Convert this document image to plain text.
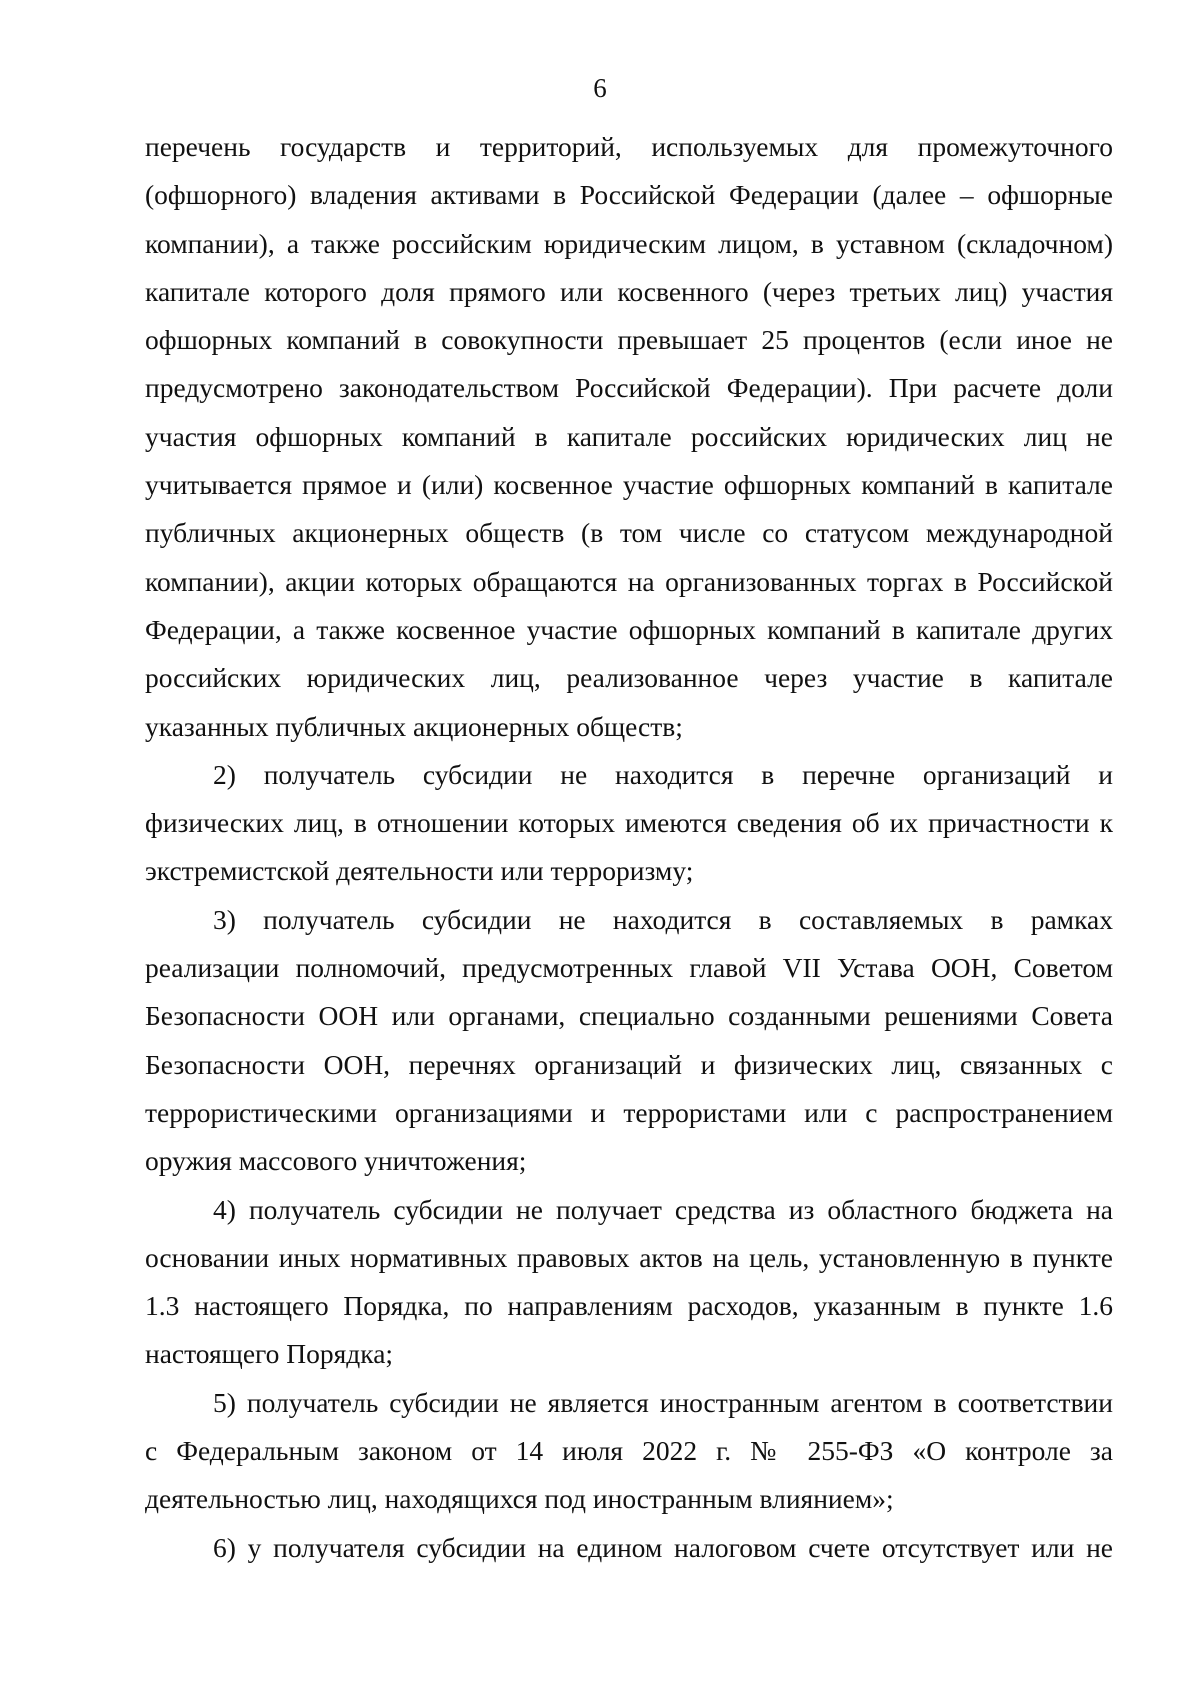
6
перечень государств и территорий, используемых для промежуточного
(офшорного) владения активами в Российской Федерации (далее – офшорные
компании), а также российским юридическим лицом, в уставном (складочном)
капитале которого доля прямого или косвенного (через третьих лиц) участия
офшорных компаний в совокупности превышает 25 процентов (если иное не
предусмотрено законодательством Российской Федерации). При расчете доли
участия офшорных компаний в капитале российских юридических лиц не
учитывается прямое и (или) косвенное участие офшорных компаний в капитале
публичных акционерных обществ (в том числе со статусом международной
компании), акции которых обращаются на организованных торгах в Российской
Федерации, а также косвенное участие офшорных компаний в капитале других
российских юридических лиц, реализованное через участие в капитале
указанных публичных акционерных обществ;
2) получатель субсидии не находится в перечне организаций и
физических лиц, в отношении которых имеются сведения об их причастности к
экстремистской деятельности или терроризму;
3) получатель субсидии не находится в составляемых в рамках
реализации полномочий, предусмотренных главой VII Устава ООН, Советом
Безопасности ООН или органами, специально созданными решениями Совета
Безопасности ООН, перечнях организаций и физических лиц, связанных с
террористическими организациями и террористами или с распространением
оружия массового уничтожения;
4) получатель субсидии не получает средства из областного бюджета на
основании иных нормативных правовых актов на цель, установленную в пункте
1.3 настоящего Порядка, по направлениям расходов, указанным в пункте 1.6
настоящего Порядка;
5) получатель субсидии не является иностранным агентом в соответствии
с Федеральным законом от 14 июля 2022 г. № 255-ФЗ «О контроле за
деятельностью лиц, находящихся под иностранным влиянием»;
6) у получателя субсидии на едином налоговом счете отсутствует или не
